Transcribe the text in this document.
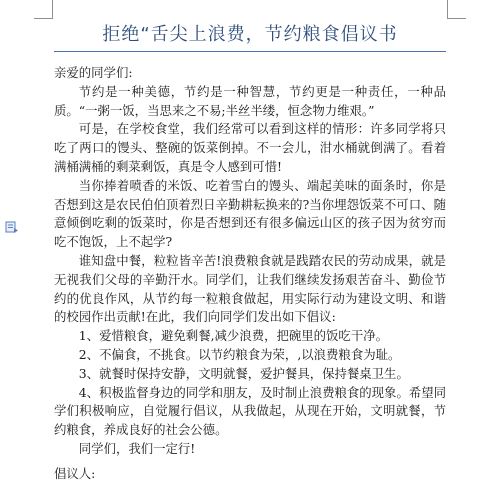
拒绝“舌尖上浪费，节约粮食倡议书

亲爱的同学们:

节约是一种美德，节约是一种智慧，节约更是一种责任，一种品质。“一粥一饭，当思来之不易;半丝半缕，恒念物力维艰。”

可是，在学校食堂，我们经常可以看到这样的情形：许多同学将只吃了两口的馒头、整碗的饭菜倒掉。不一会儿，泔水桶就倒满了。看着满桶满桶的剩菜剩饭，真是令人感到可惜!

当你捧着喷香的米饭、吃着雪白的馒头、端起美味的面条时，你是否想到这是农民伯伯顶着烈日辛勤耕耘换来的?当你埋怨饭菜不可口、随意倾倒吃剩的饭菜时，你是否想到还有很多偏远山区的孩子因为贫穷而吃不饱饭，上不起学?

谁知盘中餐，粒粒皆辛苦!浪费粮食就是践踏农民的劳动成果，就是无视我们父母的辛勤汗水。同学们，让我们继续发扬艰苦奋斗、勤俭节约的优良作风，从节约每一粒粮食做起，用实际行动为建设文明、和谐的校园作出贡献!在此，我们向同学们发出如下倡议:

1、爱惜粮食，避免剩餐,减少浪费，把碗里的饭吃干净。

2、不偏食，不挑食。以节约粮食为荣，,以浪费粮食为耻。

3、就餐时保持安静，文明就餐，爱护餐具，保持餐桌卫生。

4、积极监督身边的同学和朋友，及时制止浪费粮食的现象。希望同学们积极响应，自觉履行倡议，从我做起，从现在开始，文明就餐，节约粮食，养成良好的社会公德。

同学们，我们一定行!

倡议人:
